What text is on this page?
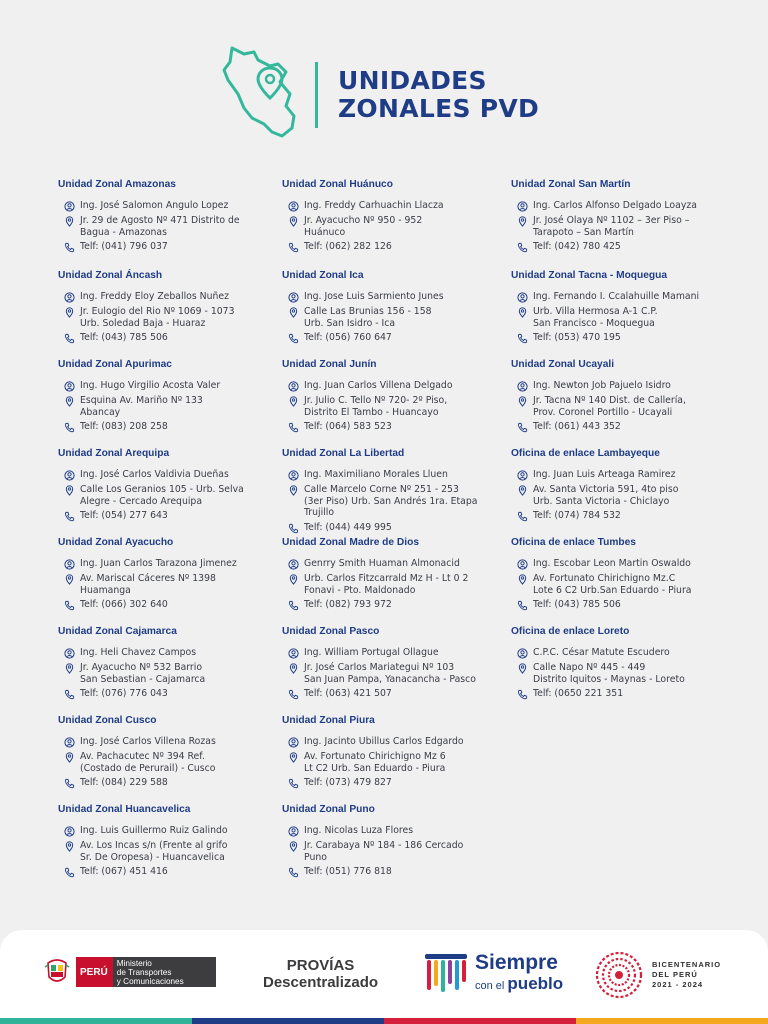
UNIDADES
ZONALES PVD
Unidad Zonal Amazonas
Ing. José Salomon Angulo Lopez
Jr. 29 de Agosto Nº 471 Distrito de
Bagua - Amazonas
Telf: (041) 796 037
Unidad Zonal Áncash
Ing. Freddy Eloy Zeballos Nuñez
Jr. Eulogio del Rio Nº 1069 - 1073
Urb. Soledad Baja - Huaraz
Telf: (043) 785 506
Unidad Zonal Apurimac
Ing. Hugo Virgilio Acosta Valer
Esquina Av. Mariño Nº 133
Abancay
Telf: (083) 208 258
Unidad Zonal Arequipa
Ing. José Carlos Valdivia Dueñas
Calle Los Geranios 105 - Urb. Selva
Alegre - Cercado Arequipa
Telf: (054) 277 643
Unidad Zonal Ayacucho
Ing. Juan Carlos Tarazona Jimenez
Av. Mariscal Cáceres Nº 1398
Huamanga
Telf: (066) 302 640
Unidad Zonal Cajamarca
Ing. Heli Chavez Campos
Jr. Ayacucho Nº 532 Barrio
San Sebastian - Cajamarca
Telf: (076) 776 043
Unidad Zonal Cusco
Ing. José Carlos Villena Rozas
Av. Pachacutec Nº 394 Ref.
(Costado de Perurail) - Cusco
Telf: (084) 229 588
Unidad Zonal Huancavelica
Ing. Luis Guillermo Ruiz Galindo
Av. Los Incas s/n (Frente al grifo
Sr. De Oropesa) - Huancavelica
Telf: (067) 451 416
Unidad Zonal Huánuco
Ing. Freddy Carhuachin Llacza
Jr. Ayacucho Nº 950 - 952
Huánuco
Telf: (062) 282 126
Unidad Zonal Ica
Ing. Jose Luis Sarmiento Junes
Calle Las Brunias 156 - 158
Urb. San Isidro - Ica
Telf: (056) 760 647
Unidad Zonal Junín
Ing. Juan Carlos Villena Delgado
Jr. Julio C. Tello Nº 720- 2º Piso,
Distrito El Tambo - Huancayo
Telf: (064) 583 523
Unidad Zonal La Libertad
Ing. Maximiliano Morales Lluen
Calle Marcelo Corne Nº 251 - 253
(3er Piso) Urb. San Andrés 1ra. Etapa
Trujillo
Telf: (044) 449 995
Unidad Zonal Madre de Dios
Genrry Smith Huaman Almonacid
Urb. Carlos Fitzcarrald Mz H - Lt 0 2
Fonavi - Pto. Maldonado
Telf: (082) 793 972
Unidad Zonal Pasco
Ing. William Portugal Ollague
Jr. José Carlos Mariategui Nº 103
San Juan Pampa, Yanacancha - Pasco
Telf: (063) 421 507
Unidad Zonal Piura
Ing. Jacinto Ubillus Carlos Edgardo
Av. Fortunato Chirichigno Mz 6
Lt C2 Urb. San Eduardo - Piura
Telf: (073) 479 827
Unidad Zonal Puno
Ing. Nicolas Luza Flores
Jr. Carabaya Nº 184 - 186 Cercado
Puno
Telf: (051) 776 818
Unidad Zonal San Martín
Ing. Carlos Alfonso Delgado Loayza
Jr. José Olaya Nº 1102 – 3er Piso –
Tarapoto – San Martín
Telf: (042) 780 425
Unidad Zonal Tacna - Moquegua
Ing. Fernando I. Ccalahuille Mamani
Urb. Villa Hermosa A-1 C.P.
San Francisco - Moquegua
Telf: (053) 470 195
Unidad Zonal Ucayali
Ing. Newton Job Pajuelo Isidro
Jr. Tacna Nº 140 Dist. de Callería,
Prov. Coronel Portillo - Ucayali
Telf: (061) 443 352
Oficina de enlace Lambayeque
Ing. Juan Luis Arteaga Ramirez
Av. Santa Victoria 591, 4to piso
Urb. Santa Victoria - Chiclayo
Telf: (074) 784 532
Oficina de enlace Tumbes
Ing. Escobar Leon Martin Oswaldo
Av. Fortunato Chirichigno Mz.C
Lote 6 C2 Urb.San Eduardo - Piura
Telf: (043) 785 506
Oficina de enlace Loreto
C.P.C. César Matute Escudero
Calle Napo Nº 445 - 449
Distrito Iquitos - Maynas - Loreto
Telf: (0650 221 351
PERÚ
Ministerio
de Transportes
y Comunicaciones
PROVÍAS
Descentralizado
Siempre
con el pueblo
BICENTENARIO
DEL PERÚ
2021 - 2024
